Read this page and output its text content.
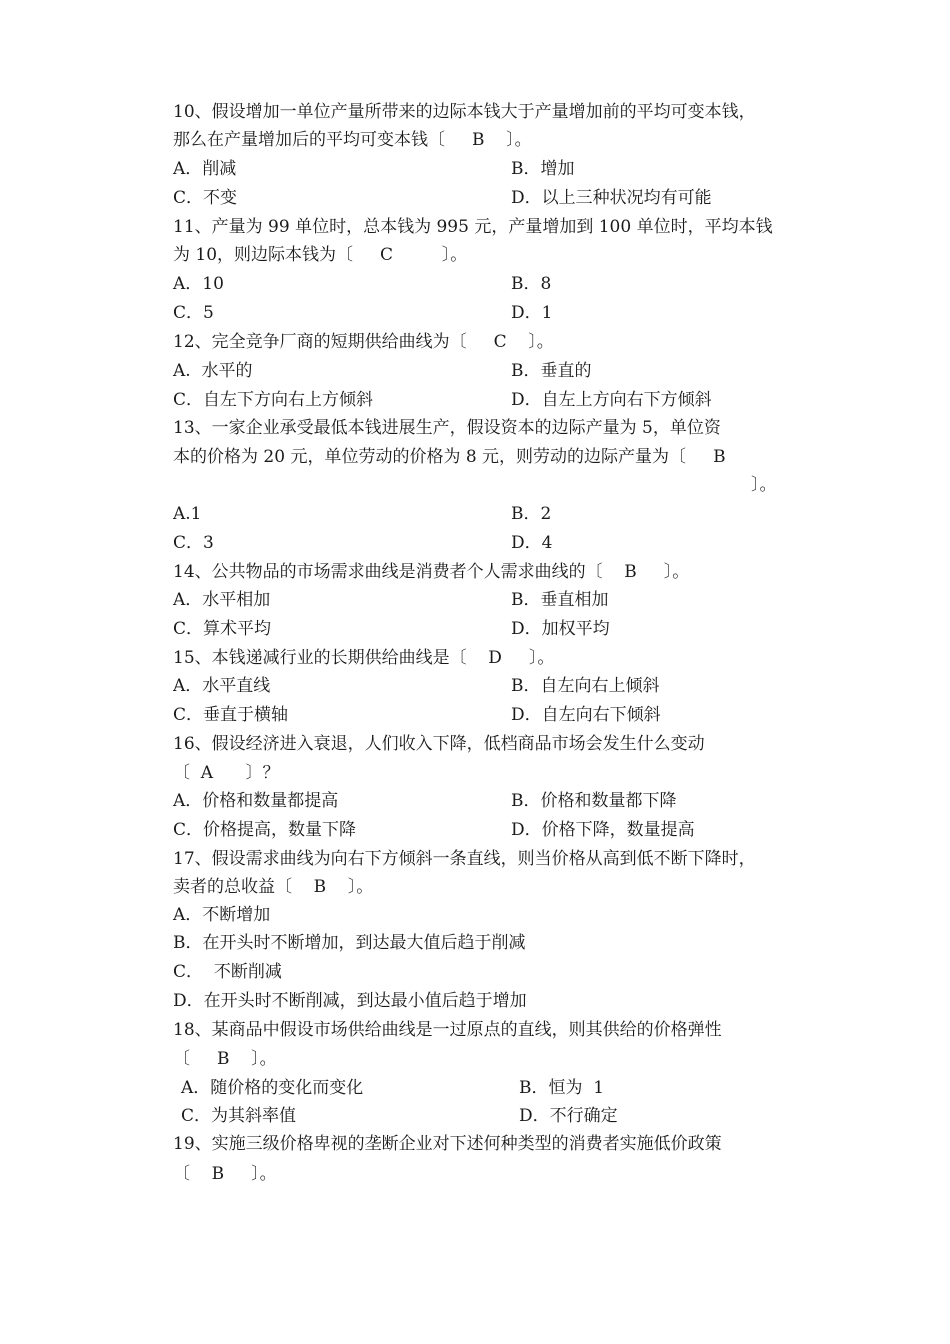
10、假设增加一单位产量所带来的边际本钱大于产量增加前的平均可变本钱，
那么在产量增加后的平均可变本钱〔     B    〕。
A．削减	B．增加
C．不变	D．以上三种状况均有可能
11、产量为 99 单位时，总本钱为 995 元，产量增加到 100 单位时，平均本钱
为 10，则边际本钱为〔     C         〕。
A．10	B．8
C．5	D．1
12、完全竞争厂商的短期供给曲线为〔     C    〕。
A.  水平的	B．垂直的
C．自左下方向右上方倾斜	D．自左上方向右下方倾斜
13、一家企业承受最低本钱进展生产，假设资本的边际产量为 5，单位资
本的价格为 20 元，单位劳动的价格为 8 元，则劳动的边际产量为〔     B
〕。
A.1	B．2
C．3	D．4
14、公共物品的市场需求曲线是消费者个人需求曲线的〔    B     〕。
A．水平相加	B．垂直相加
C．算术平均	D．加权平均
15、本钱递减行业的长期供给曲线是〔    D     〕。
A．水平直线	B．自左向右上倾斜
C．垂直于横轴	D．自左向右下倾斜
16、假设经济进入衰退，人们收入下降，低档商品市场会发生什么变动
〔  A      〕？
A．价格和数量都提高	B．价格和数量都下降
C．价格提高，数量下降	D．价格下降，数量提高
17、假设需求曲线为向右下方倾斜一条直线，则当价格从高到低不断下降时，
卖者的总收益〔    B    〕。
A．不断增加
B．在开头时不断增加，到达最大值后趋于削减
C．  不断削减
D．在开头时不断削减，到达最小值后趋于增加
18、某商品中假设市场供给曲线是一过原点的直线，则其供给的价格弹性
〔     B    〕。
A．随价格的变化而变化	B．恒为  1
C．为其斜率值	D．不行确定
19、实施三级价格卑视的垄断企业对下述何种类型的消费者实施低价政策
〔    B     〕。
